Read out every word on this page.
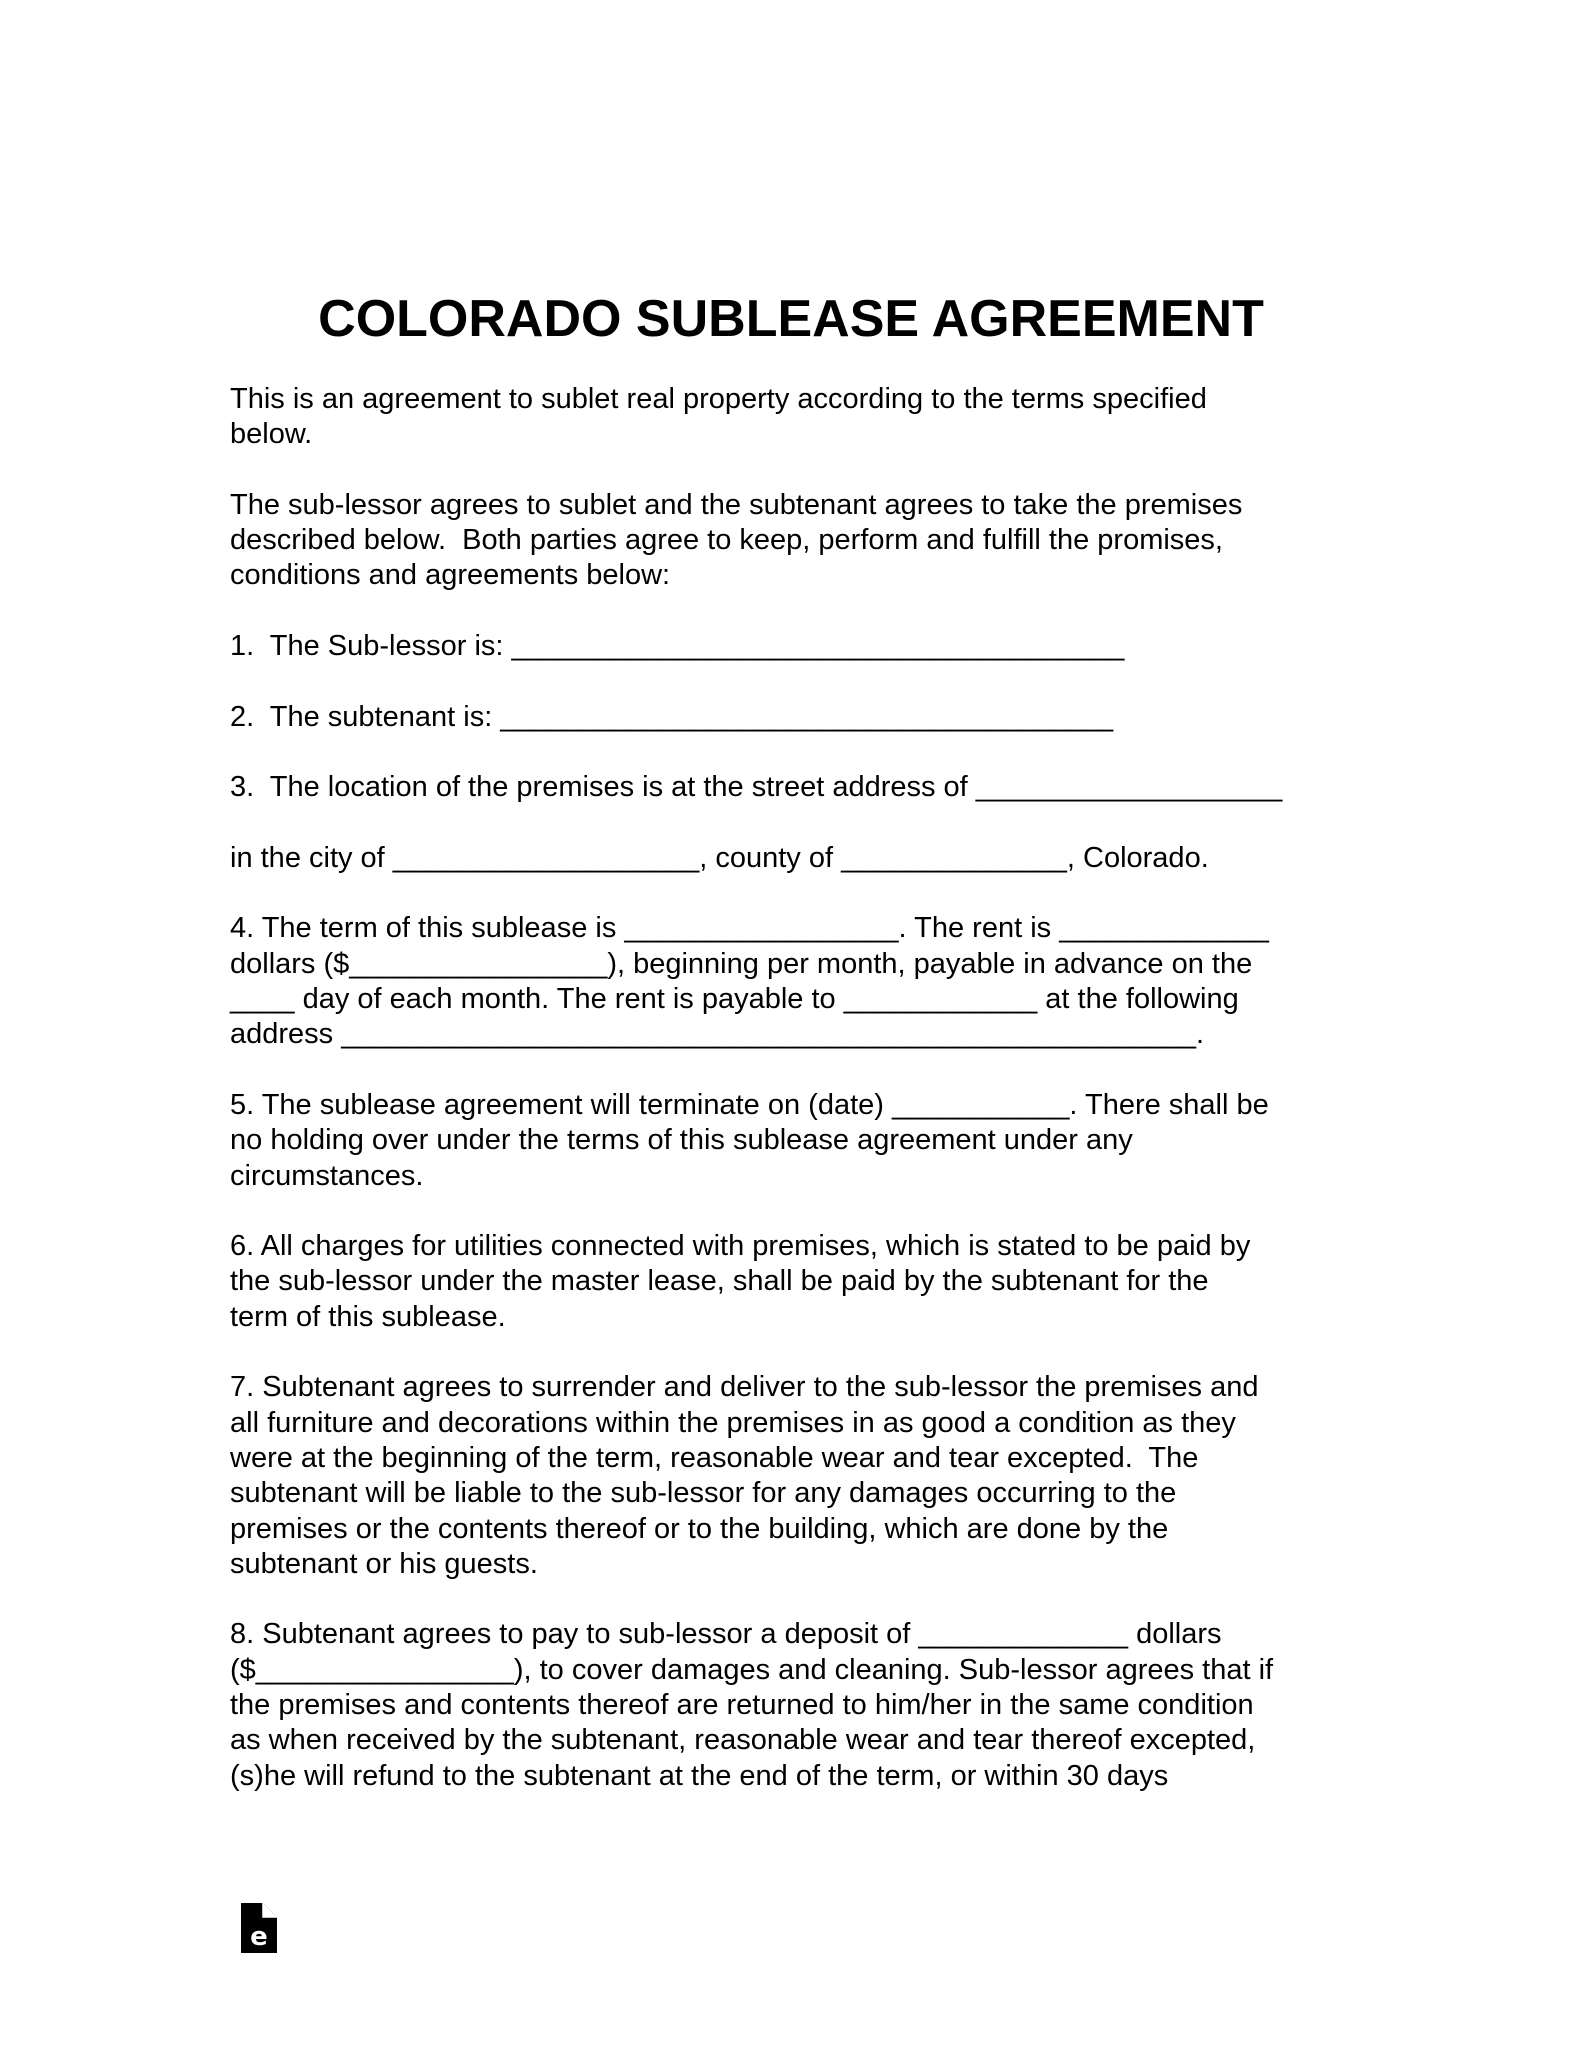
COLORADO SUBLEASE AGREEMENT
This is an agreement to sublet real property according to the terms specified
below.
The sub-lessor agrees to sublet and the subtenant agrees to take the premises
described below.  Both parties agree to keep, perform and fulfill the promises,
conditions and agreements below:
1.  The Sub-lessor is: ______________________________________
2.  The subtenant is: ______________________________________
3.  The location of the premises is at the street address of ___________________
in the city of ___________________, county of ______________, Colorado.
4. The term of this sublease is _________________. The rent is _____________
dollars ($________________), beginning per month, payable in advance on the
____ day of each month. The rent is payable to ____________ at the following
address _____________________________________________________.
5. The sublease agreement will terminate on (date) ___________. There shall be
no holding over under the terms of this sublease agreement under any
circumstances.
6. All charges for utilities connected with premises, which is stated to be paid by
the sub-lessor under the master lease, shall be paid by the subtenant for the
term of this sublease.
7. Subtenant agrees to surrender and deliver to the sub-lessor the premises and
all furniture and decorations within the premises in as good a condition as they
were at the beginning of the term, reasonable wear and tear excepted.  The
subtenant will be liable to the sub-lessor for any damages occurring to the
premises or the contents thereof or to the building, which are done by the
subtenant or his guests.
8. Subtenant agrees to pay to sub-lessor a deposit of _____________ dollars
($________________), to cover damages and cleaning. Sub-lessor agrees that if
the premises and contents thereof are returned to him/her in the same condition
as when received by the subtenant, reasonable wear and tear thereof excepted,
(s)he will refund to the subtenant at the end of the term, or within 30 days
e
